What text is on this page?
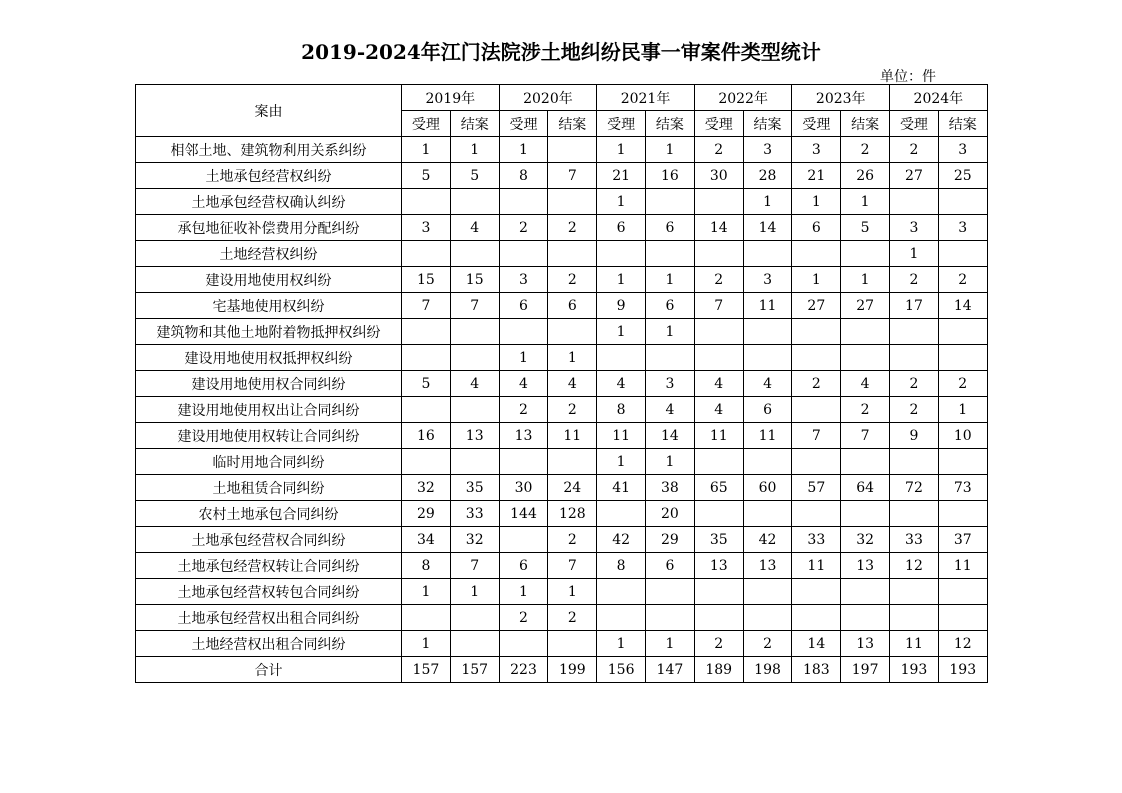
2019-2024年江门法院涉土地纠纷民事一审案件类型统计
单位：件
案由	2019年		2020年		2021年		2022年		2023年		2024年	
	受理	结案	受理	结案	受理	结案	受理	结案	受理	结案	受理	结案
相邻土地、建筑物利用关系纠纷	1	1	1		1	1	2	3	3	2	2	3
土地承包经营权纠纷	5	5	8	7	21	16	30	28	21	26	27	25
土地承包经营权确认纠纷					1			1	1	1		
承包地征收补偿费用分配纠纷	3	4	2	2	6	6	14	14	6	5	3	3
土地经营权纠纷											1	
建设用地使用权纠纷	15	15	3	2	1	1	2	3	1	1	2	2
宅基地使用权纠纷	7	7	6	6	9	6	7	11	27	27	17	14
建筑物和其他土地附着物抵押权纠纷					1	1						
建设用地使用权抵押权纠纷			1	1								
建设用地使用权合同纠纷	5	4	4	4	4	3	4	4	2	4	2	2
建设用地使用权出让合同纠纷			2	2	8	4	4	6		2	2	1
建设用地使用权转让合同纠纷	16	13	13	11	11	14	11	11	7	7	9	10
临时用地合同纠纷					1	1						
土地租赁合同纠纷	32	35	30	24	41	38	65	60	57	64	72	73
农村土地承包合同纠纷	29	33	144	128		20						
土地承包经营权合同纠纷	34	32		2	42	29	35	42	33	32	33	37
土地承包经营权转让合同纠纷	8	7	6	7	8	6	13	13	11	13	12	11
土地承包经营权转包合同纠纷	1	1	1	1								
土地承包经营权出租合同纠纷			2	2								
土地经营权出租合同纠纷	1				1	1	2	2	14	13	11	12
合计	157	157	223	199	156	147	189	198	183	197	193	193
